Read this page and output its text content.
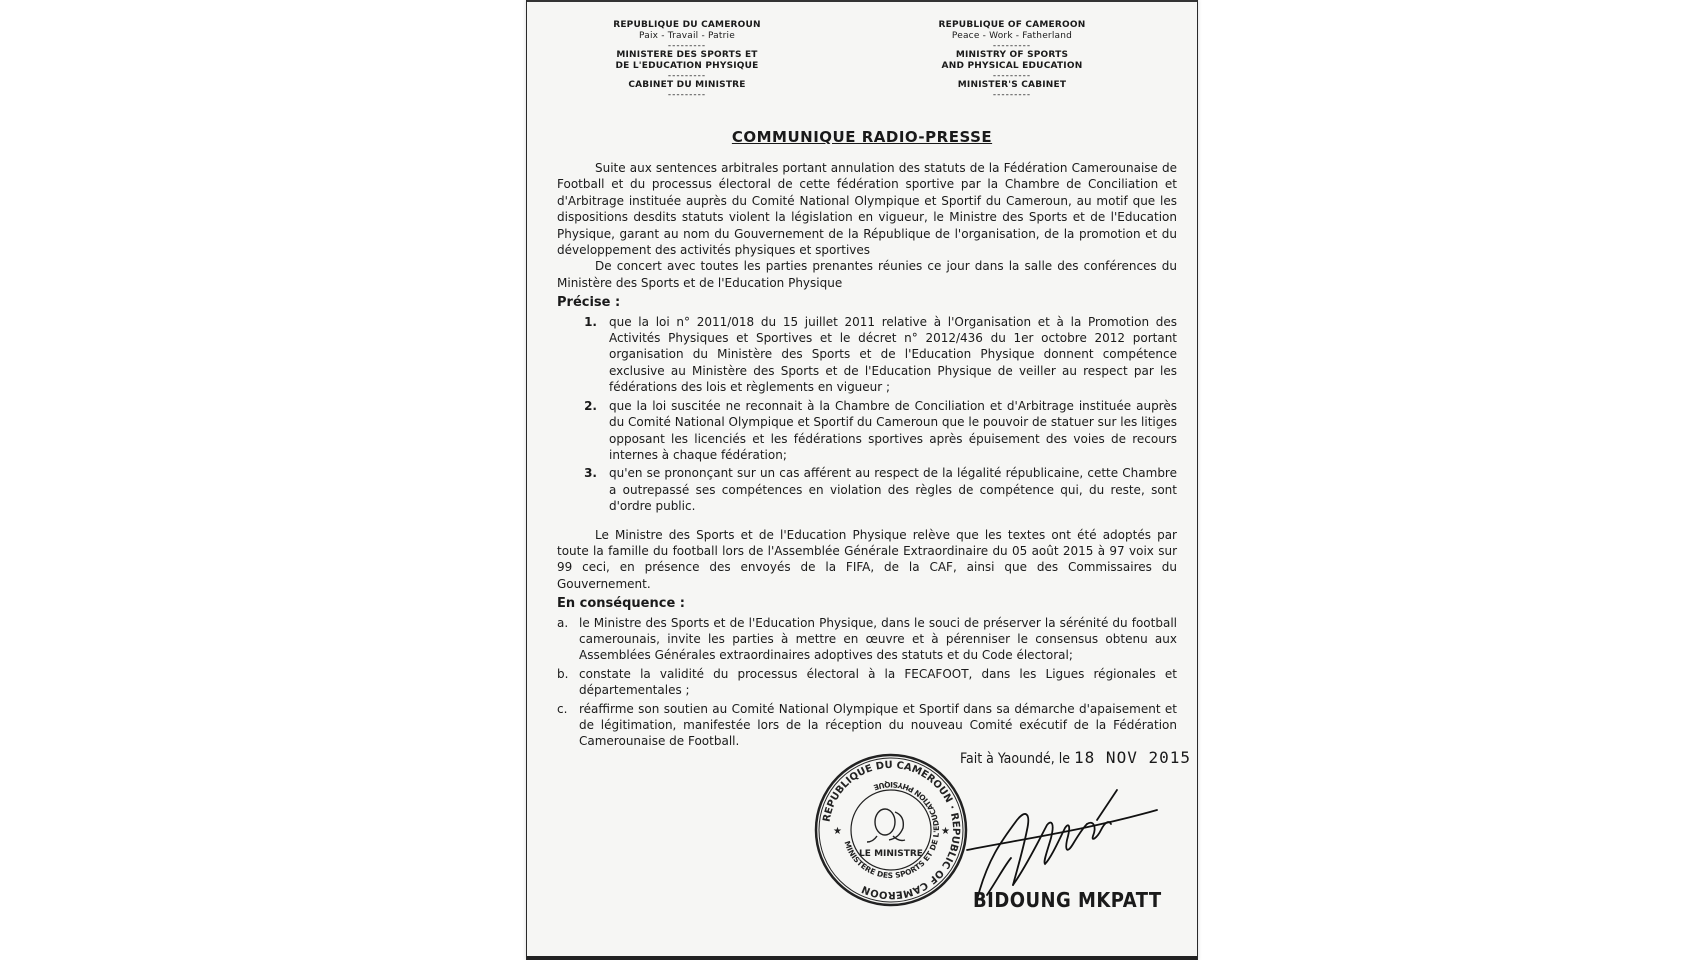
REPUBLIQUE DU CAMEROUN
Paix - Travail - Patrie
---------
MINISTERE DES SPORTS ET
DE L'EDUCATION PHYSIQUE
---------
CABINET DU MINISTRE
---------
REPUBLIQUE OF CAMEROON
Peace - Work - Fatherland
---------
MINISTRY OF SPORTS
AND PHYSICAL EDUCATION
---------
MINISTER'S CABINET
---------
COMMUNIQUE RADIO-PRESSE

Suite aux sentences arbitrales portant annulation des statuts de la Fédération Camerounaise de Football et du processus électoral de cette fédération sportive par la Chambre de Conciliation et d'Arbitrage instituée auprès du Comité National Olympique et Sportif du Cameroun, au motif que les dispositions desdits statuts violent la législation en vigueur, le Ministre des Sports et de l'Education Physique, garant au nom du Gouvernement de la République de l'organisation, de la promotion et du développement des activités physiques et sportives

De concert avec toutes les parties prenantes réunies ce jour dans la salle des conférences du Ministère des Sports et de l'Education Physique

Précise :
1.	que la loi n° 2011/018 du 15 juillet 2011 relative à l'Organisation et à la Promotion des Activités Physiques et Sportives et le décret n° 2012/436 du 1er octobre 2012 portant organisation du Ministère des Sports et de l'Education Physique donnent compétence exclusive au Ministère des Sports et de l'Education Physique de veiller au respect par les fédérations des lois et règlements en vigueur ;
2.	que la loi suscitée ne reconnait à la Chambre de Conciliation et d'Arbitrage instituée auprès du Comité National Olympique et Sportif du Cameroun que le pouvoir de statuer sur les litiges opposant les licenciés et les fédérations sportives après épuisement des voies de recours internes à chaque fédération;
3.	qu'en se prononçant sur un cas afférent au respect de la légalité républicaine, cette Chambre a outrepassé ses compétences en violation des règles de compétence qui, du reste, sont d'ordre public.

Le Ministre des Sports et de l'Education Physique relève que les textes ont été adoptés par toute la famille du football lors de l'Assemblée Générale Extraordinaire du 05 août 2015 à 97 voix sur 99 ceci, en présence des envoyés de la FIFA, de la CAF, ainsi que des Commissaires du Gouvernement.

En conséquence :
a. le Ministre des Sports et de l'Education Physique, dans le souci de préserver la sérénité du football camerounais, invite les parties à mettre en œuvre et à pérenniser le consensus obtenu aux Assemblées Générales extraordinaires adoptives des statuts et du Code électoral;
b. constate la validité du processus électoral à la FECAFOOT, dans les Ligues régionales et départementales ;
c. réaffirme son soutien au Comité National Olympique et Sportif dans sa démarche d'apaisement et de légitimation, manifestée lors de la réception du nouveau Comité exécutif de la Fédération Camerounaise de Football.
Fait à Yaoundé, le 18 NOV 2015
REPUBLIQUE DU CAMEROUN · REPUBLIC OF CAMEROON
MINISTERE DES SPORTS ET DE L'EDUCATION PHYSIQUE
★	★
LE MINISTRE
BIDOUNG MKPATT
